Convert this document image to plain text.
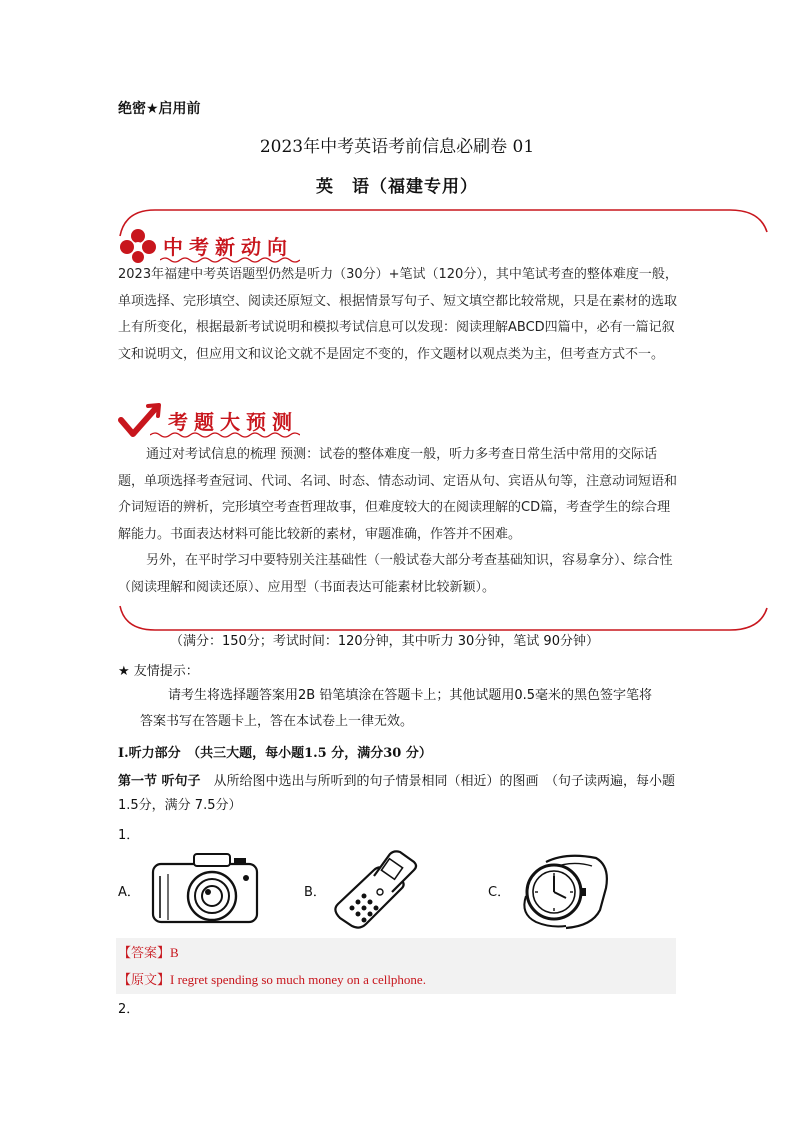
绝密★启用前
2023年中考英语考前信息必刷卷 01
英　语（福建专用）
中考新动向
2023年福建中考英语题型仍然是听力（30分）+笔试（120分），其中笔试考查的整体难度一般，单项选择、完形填空、阅读还原短文、根据情景写句子、短文填空都比较常规，只是在素材的选取上有所变化，根据最新考试说明和模拟考试信息可以发现：阅读理解ABCD四篇中，必有一篇记叙文和说明文，但应用文和议论文就不是固定不变的，作文题材以观点类为主，但考查方式不一。
考题大预测
通过对考试信息的梳理 预测：试卷的整体难度一般，听力多考查日常生活中常用的交际话题，单项选择考查冠词、代词、名词、时态、情态动词、定语从句、宾语从句等，注意动词短语和介词短语的辨析，完形填空考查哲理故事，但难度较大的在阅读理解的CD篇，考查学生的综合理解能力。书面表达材料可能比较新的素材，审题准确，作答并不困难。
另外，在平时学习中要特别关注基础性（一般试卷大部分考查基础知识，容易拿分）、综合性（阅读理解和阅读还原）、应用型（书面表达可能素材比较新颖）。
（满分：150分；考试时间：120分钟，其中听力 30分钟，笔试 90分钟）
★ 友情提示：
请考生将选择题答案用2B 铅笔填涂在答题卡上；其他试题用0.5毫米的黑色签字笔将
答案书写在答题卡上，答在本试卷上一律无效。
I.听力部分　（共三大题，每小题1.5 分，满分30 分）
第一节 听句子　从所给图中选出与所听到的句子情景相同（相近）的图画　（句子读两遍，每小题 1.5分，满分 7.5分）
1．
A．	B．	C．
【答案】B
【原文】I regret spending so much money on a cellphone.
2．
